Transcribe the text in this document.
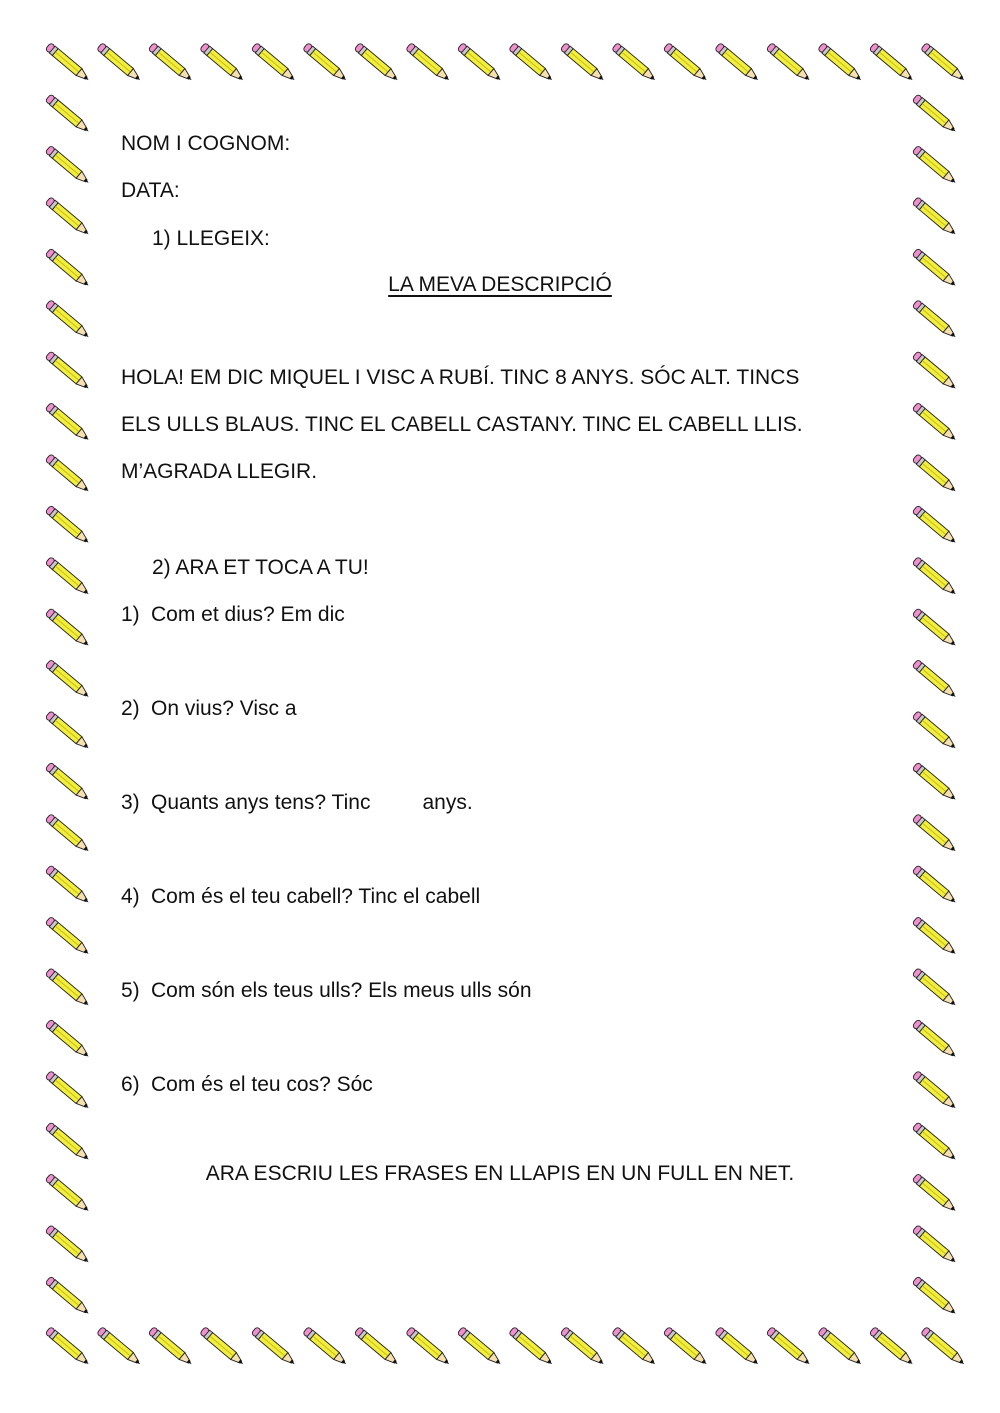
NOM I COGNOM:
DATA:
1) LLEGEIX:
LA MEVA DESCRIPCIÓ
HOLA! EM DIC MIQUEL I VISC A RUBÍ. TINC 8 ANYS. SÓC ALT. TINCS
ELS ULLS BLAUS. TINC EL CABELL CASTANY. TINC EL CABELL LLIS.
M’AGRADA LLEGIR.
2) ARA ET TOCA A TU!
1) Com et dius? Em dic
2) On vius? Visc a
3) Quants anys tens? Tinc anys.
4) Com és el teu cabell? Tinc el cabell
5) Com són els teus ulls? Els meus ulls són
6) Com és el teu cos? Sóc
ARA ESCRIU LES FRASES EN LLAPIS EN UN FULL EN NET.
